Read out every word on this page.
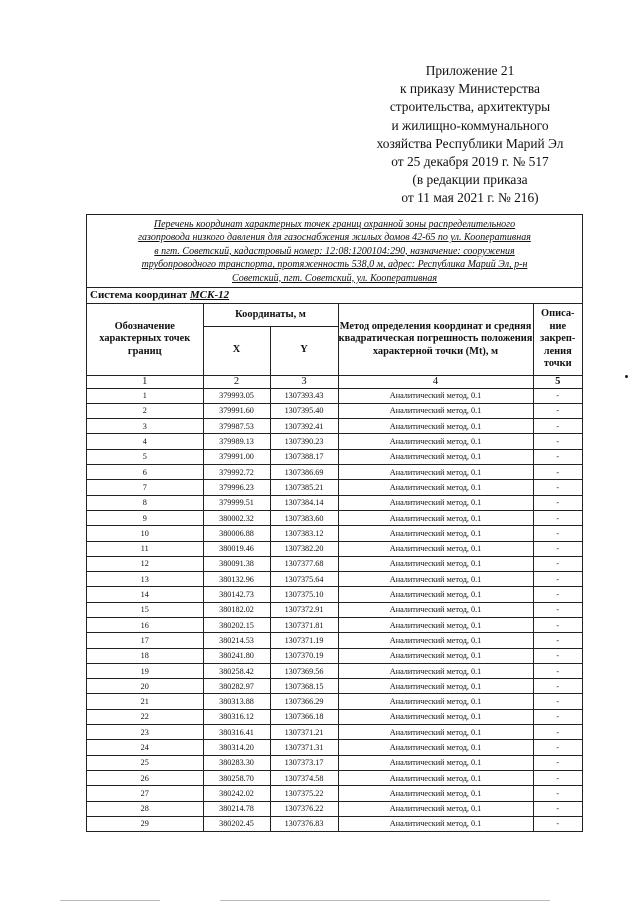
Приложение 21
к приказу Министерства
строительства, архитектуры
и жилищно-коммунального
хозяйства Республики Марий Эл
от 25 декабря 2019 г. № 517
(в редакции приказа
от 11 мая 2021 г. № 216)
Перечень координат характерных точек границ охранной зоны распределительного
газопровода низкого давления для газоснабжения жилых домов 42-65 по ул. Кооперативная
в пгт. Советский, кадастровый номер: 12:08:1200104:290, назначение: сооружения
трубопроводного транспорта, протяженность 538,0 м, адрес: Республика Марий Эл, р-н
Советский, пгт. Советский, ул. Кооперативная
Система координат МСК-12
Обозначение характерных точек границ	Координаты, м		Метод определения координат и средняя квадратическая погрешность положения характерной точки (Mt), м	Описа-ние закреп-ления точки
	X	Y		
1	2	3	4	5
1	379993.05	1307393.43	Аналитический метод, 0.1	-
2	379991.60	1307395.40	Аналитический метод, 0.1	-
3	379987.53	1307392.41	Аналитический метод, 0.1	-
4	379989.13	1307390.23	Аналитический метод, 0.1	-
5	379991.00	1307388.17	Аналитический метод, 0.1	-
6	379992.72	1307386.69	Аналитический метод, 0.1	-
7	379996.23	1307385.21	Аналитический метод, 0.1	-
8	379999.51	1307384.14	Аналитический метод, 0.1	-
9	380002.32	1307383.60	Аналитический метод, 0.1	-
10	380006.88	1307383.12	Аналитический метод, 0.1	-
11	380019.46	1307382.20	Аналитический метод, 0.1	-
12	380091.38	1307377.68	Аналитический метод, 0.1	-
13	380132.96	1307375.64	Аналитический метод, 0.1	-
14	380142.73	1307375.10	Аналитический метод, 0.1	-
15	380182.02	1307372.91	Аналитический метод, 0.1	-
16	380202.15	1307371.81	Аналитический метод, 0.1	-
17	380214.53	1307371.19	Аналитический метод, 0.1	-
18	380241.80	1307370.19	Аналитический метод, 0.1	-
19	380258.42	1307369.56	Аналитический метод, 0.1	-
20	380282.97	1307368.15	Аналитический метод, 0.1	-
21	380313.88	1307366.29	Аналитический метод, 0.1	-
22	380316.12	1307366.18	Аналитический метод, 0.1	-
23	380316.41	1307371.21	Аналитический метод, 0.1	-
24	380314.20	1307371.31	Аналитический метод, 0.1	-
25	380283.30	1307373.17	Аналитический метод, 0.1	-
26	380258.70	1307374.58	Аналитический метод, 0.1	-
27	380242.02	1307375.22	Аналитический метод, 0.1	-
28	380214.78	1307376.22	Аналитический метод, 0.1	-
29	380202.45	1307376.83	Аналитический метод, 0.1	-
